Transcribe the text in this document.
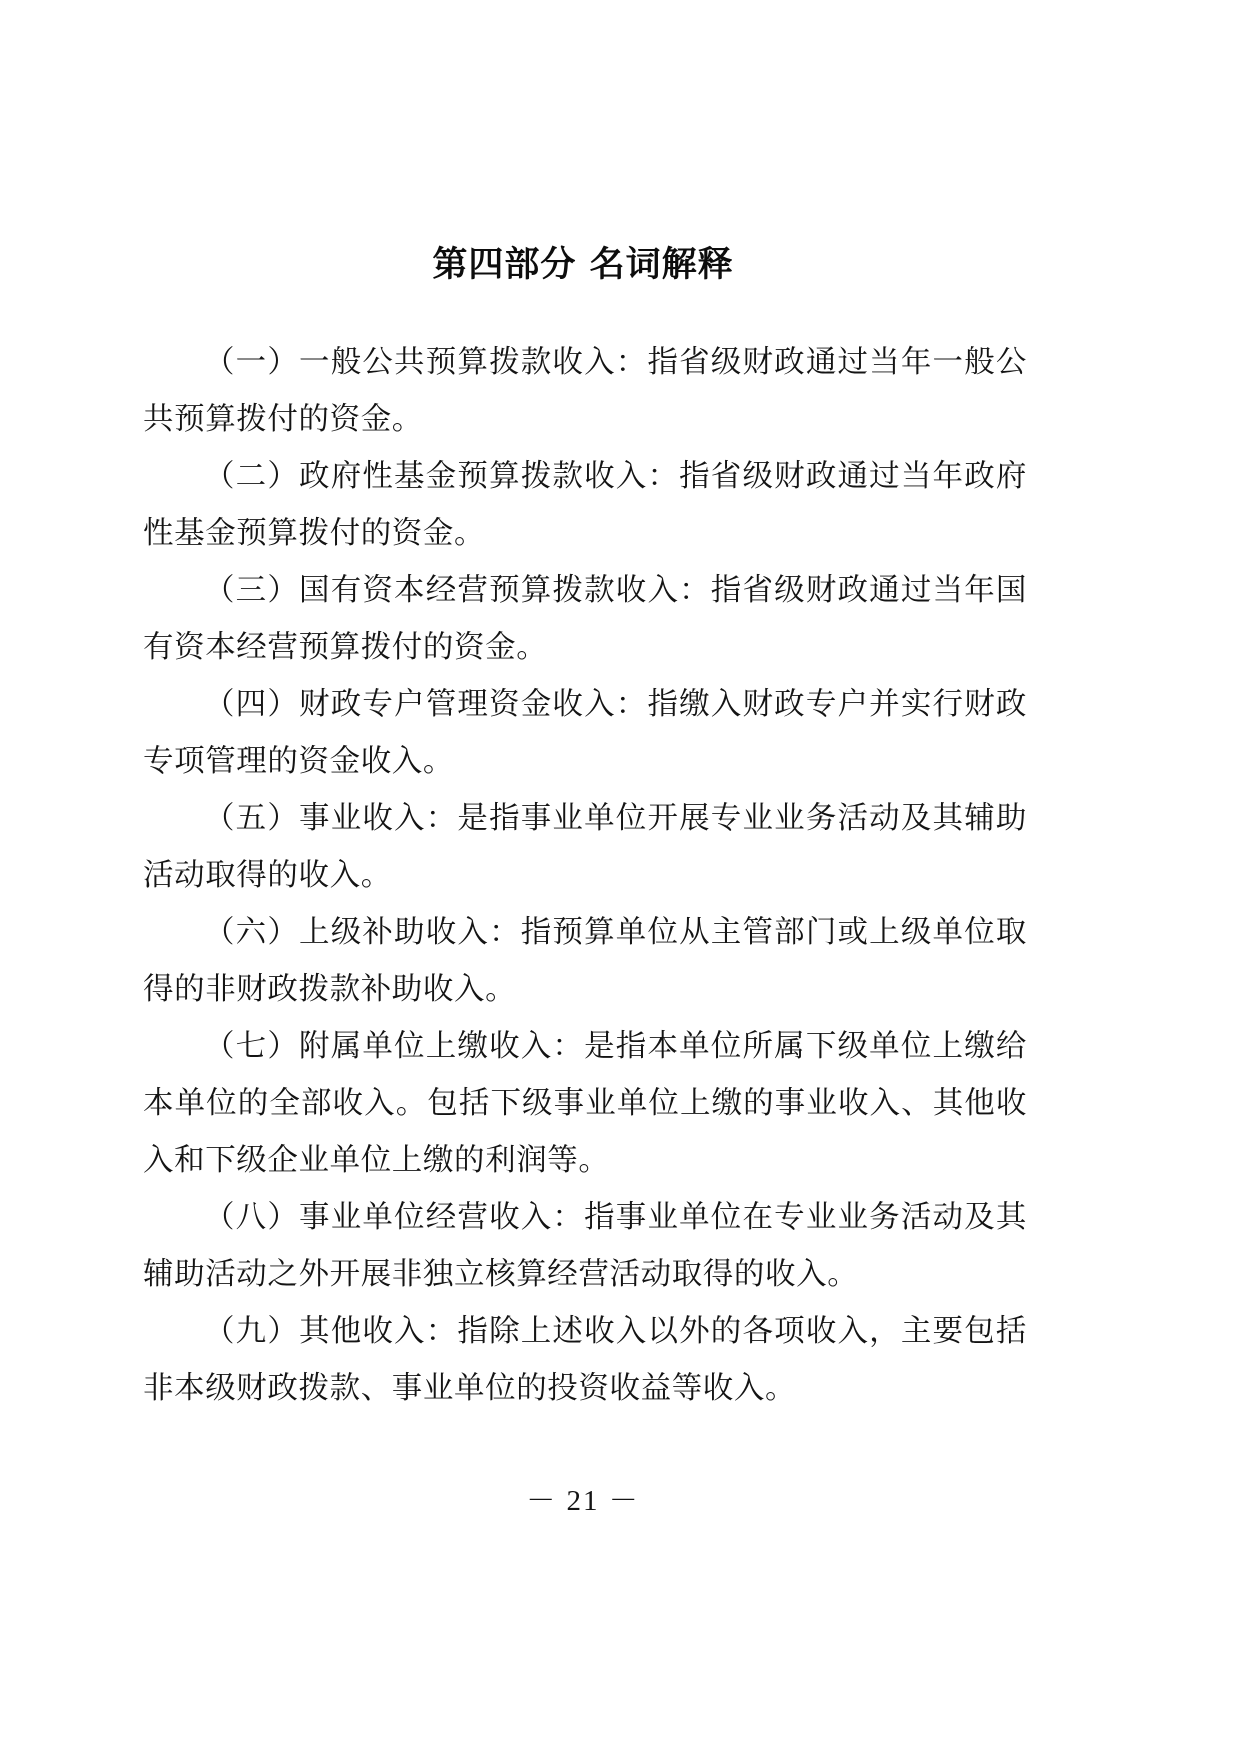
第四部分 名词解释

（一）一般公共预算拨款收入：指省级财政通过当年一般公共预算拨付的资金。

（二）政府性基金预算拨款收入：指省级财政通过当年政府性基金预算拨付的资金。

（三）国有资本经营预算拨款收入：指省级财政通过当年国有资本经营预算拨付的资金。

（四）财政专户管理资金收入：指缴入财政专户并实行财政专项管理的资金收入。

（五）事业收入：是指事业单位开展专业业务活动及其辅助活动取得的收入。

（六）上级补助收入：指预算单位从主管部门或上级单位取得的非财政拨款补助收入。

（七）附属单位上缴收入：是指本单位所属下级单位上缴给本单位的全部收入。包括下级事业单位上缴的事业收入、其他收入和下级企业单位上缴的利润等。

（八）事业单位经营收入：指事业单位在专业业务活动及其辅助活动之外开展非独立核算经营活动取得的收入。

（九）其他收入：指除上述收入以外的各项收入，主要包括非本级财政拨款、事业单位的投资收益等收入。

－ 21 －
